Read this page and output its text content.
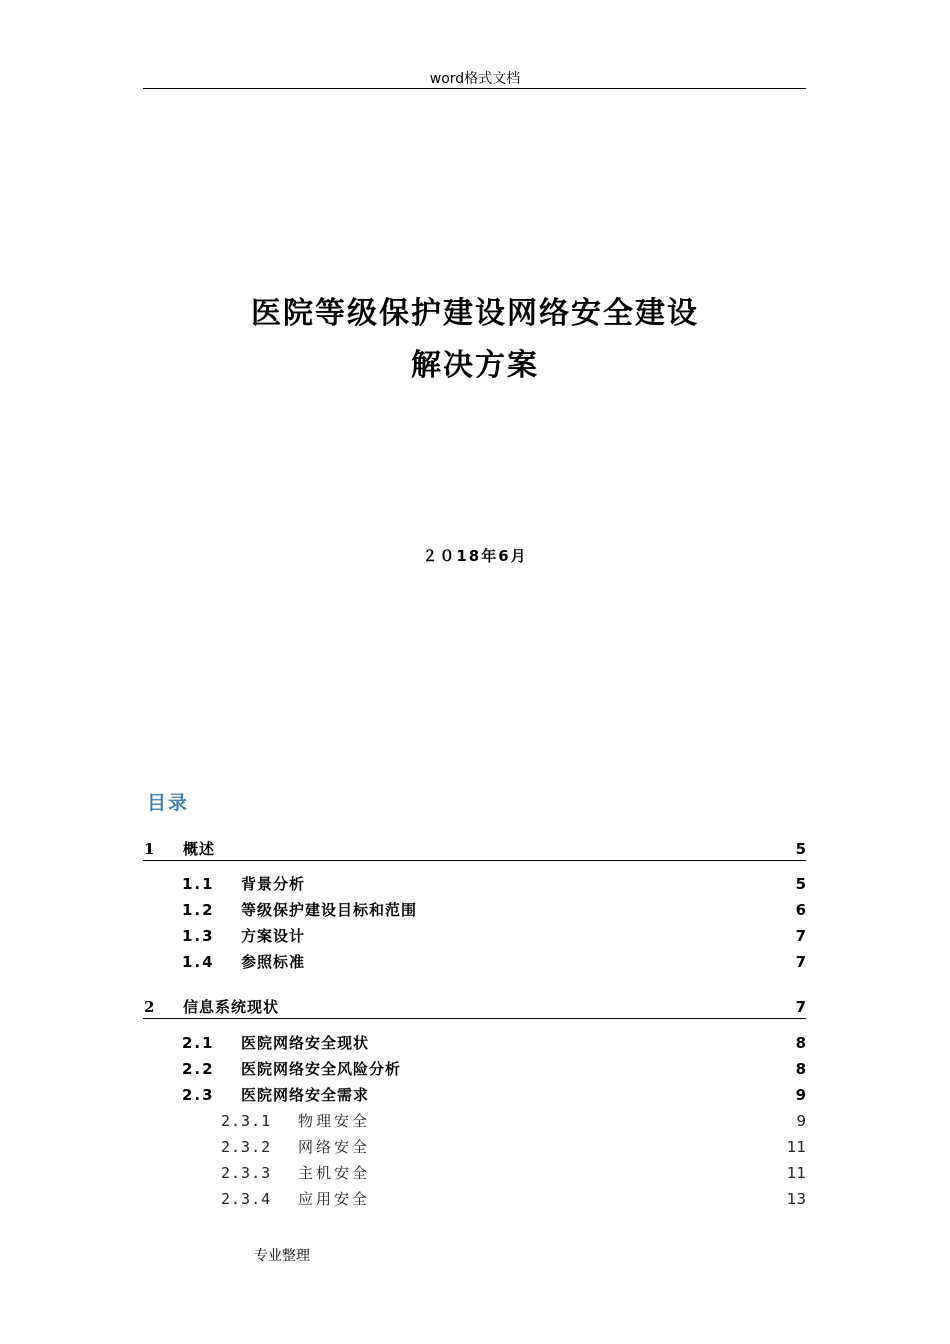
word格式文档
医院等级保护建设网络安全建设
解决方案
２０18年6月
目录
1 概述	5
1.1 背景分析	5
1.2 等级保护建设目标和范围	6
1.3 方案设计	7
1.4 参照标准	7
2 信息系统现状	7
2.1 医院网络安全现状	8
2.2 医院网络安全风险分析	8
2.3 医院网络安全需求	9
2.3.1 物理安全	9
2.3.2 网络安全	11
2.3.3 主机安全	11
2.3.4 应用安全	13
专业整理
